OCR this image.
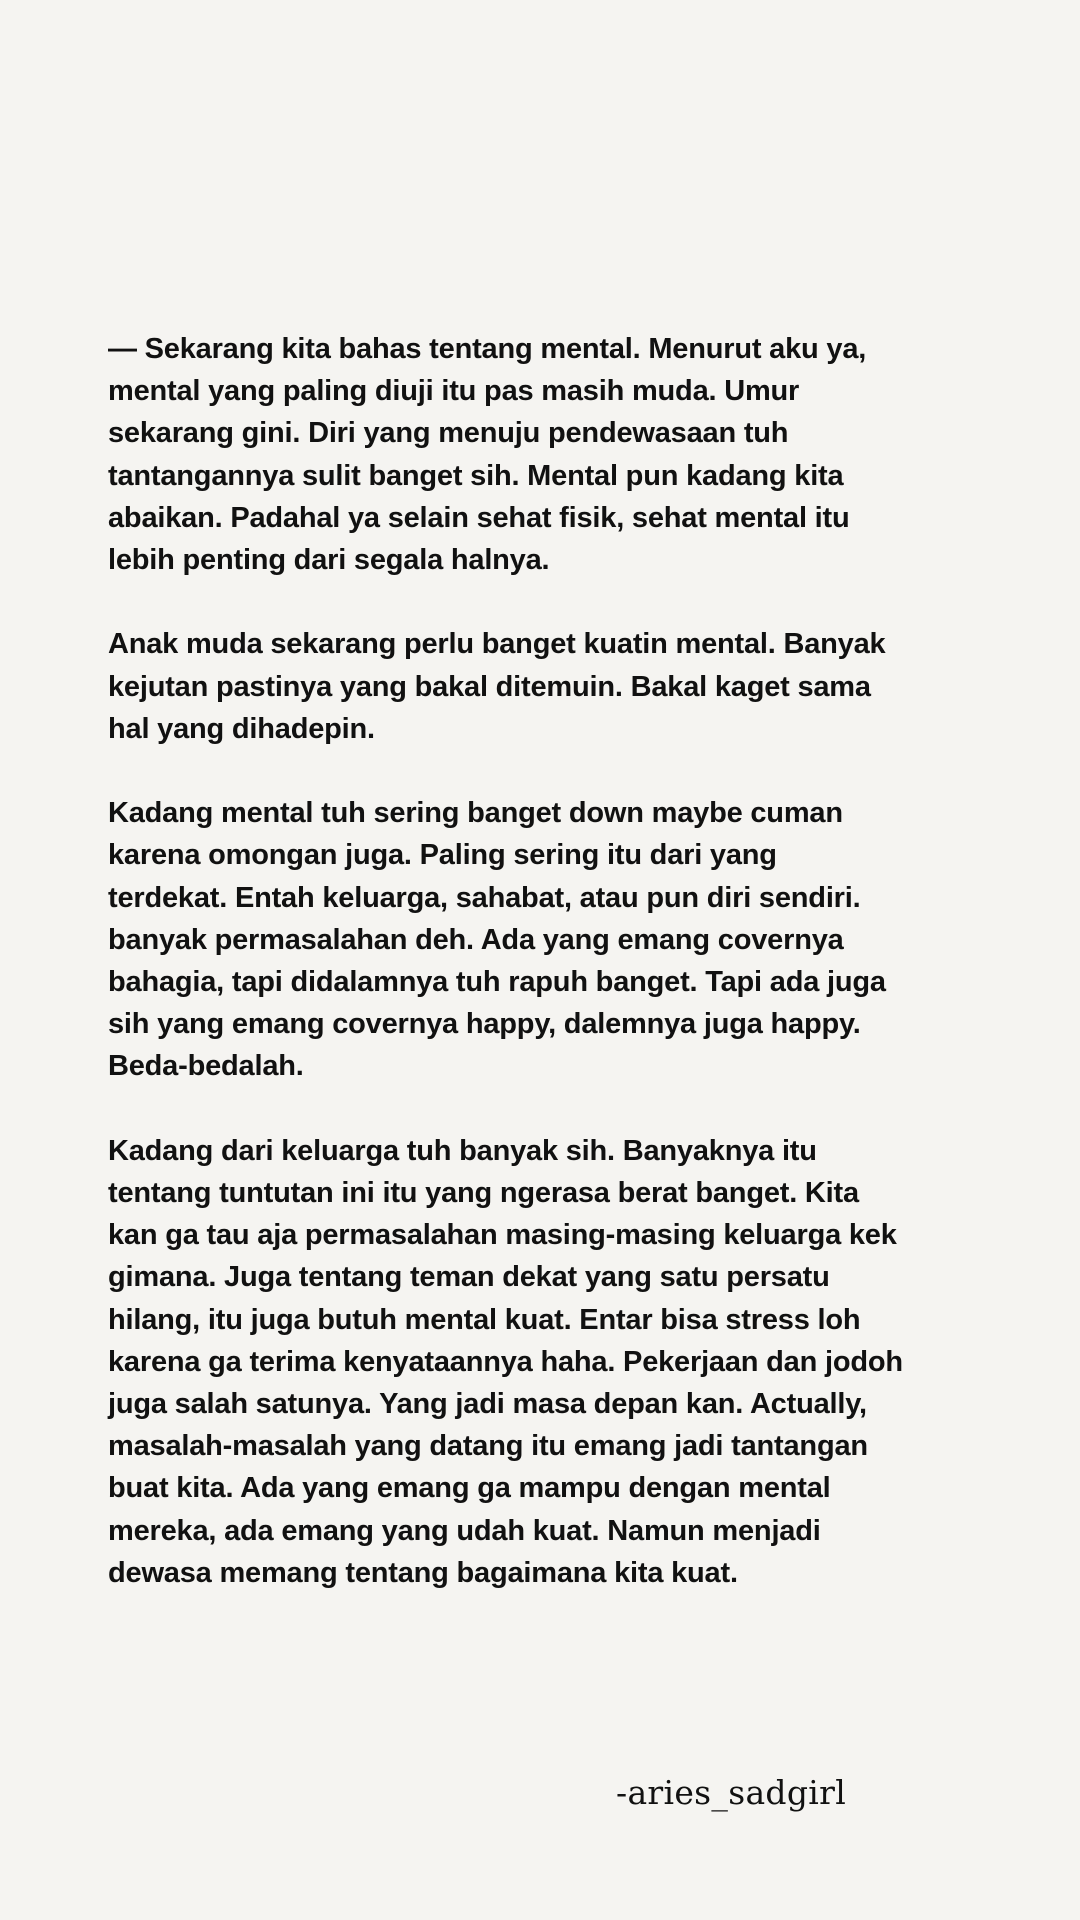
— Sekarang kita bahas tentang mental. Menurut aku ya,
mental yang paling diuji itu pas masih muda. Umur
sekarang gini. Diri yang menuju pendewasaan tuh
tantangannya sulit banget sih. Mental pun kadang kita
abaikan. Padahal ya selain sehat fisik, sehat mental itu
lebih penting dari segala halnya.

Anak muda sekarang perlu banget kuatin mental. Banyak
kejutan pastinya yang bakal ditemuin. Bakal kaget sama
hal yang dihadepin.

Kadang mental tuh sering banget down maybe cuman
karena omongan juga. Paling sering itu dari yang
terdekat. Entah keluarga, sahabat, atau pun diri sendiri.
banyak permasalahan deh. Ada yang emang covernya
bahagia, tapi didalamnya tuh rapuh banget. Tapi ada juga
sih yang emang covernya happy, dalemnya juga happy.
Beda-bedalah.

Kadang dari keluarga tuh banyak sih. Banyaknya itu
tentang tuntutan ini itu yang ngerasa berat banget. Kita
kan ga tau aja permasalahan masing-masing keluarga kek
gimana. Juga tentang teman dekat yang satu persatu
hilang, itu juga butuh mental kuat. Entar bisa stress loh
karena ga terima kenyataannya haha. Pekerjaan dan jodoh
juga salah satunya. Yang jadi masa depan kan. Actually,
masalah-masalah yang datang itu emang jadi tantangan
buat kita. Ada yang emang ga mampu dengan mental
mereka, ada emang yang udah kuat. Namun menjadi
dewasa memang tentang bagaimana kita kuat.

-aries_sadgirl
